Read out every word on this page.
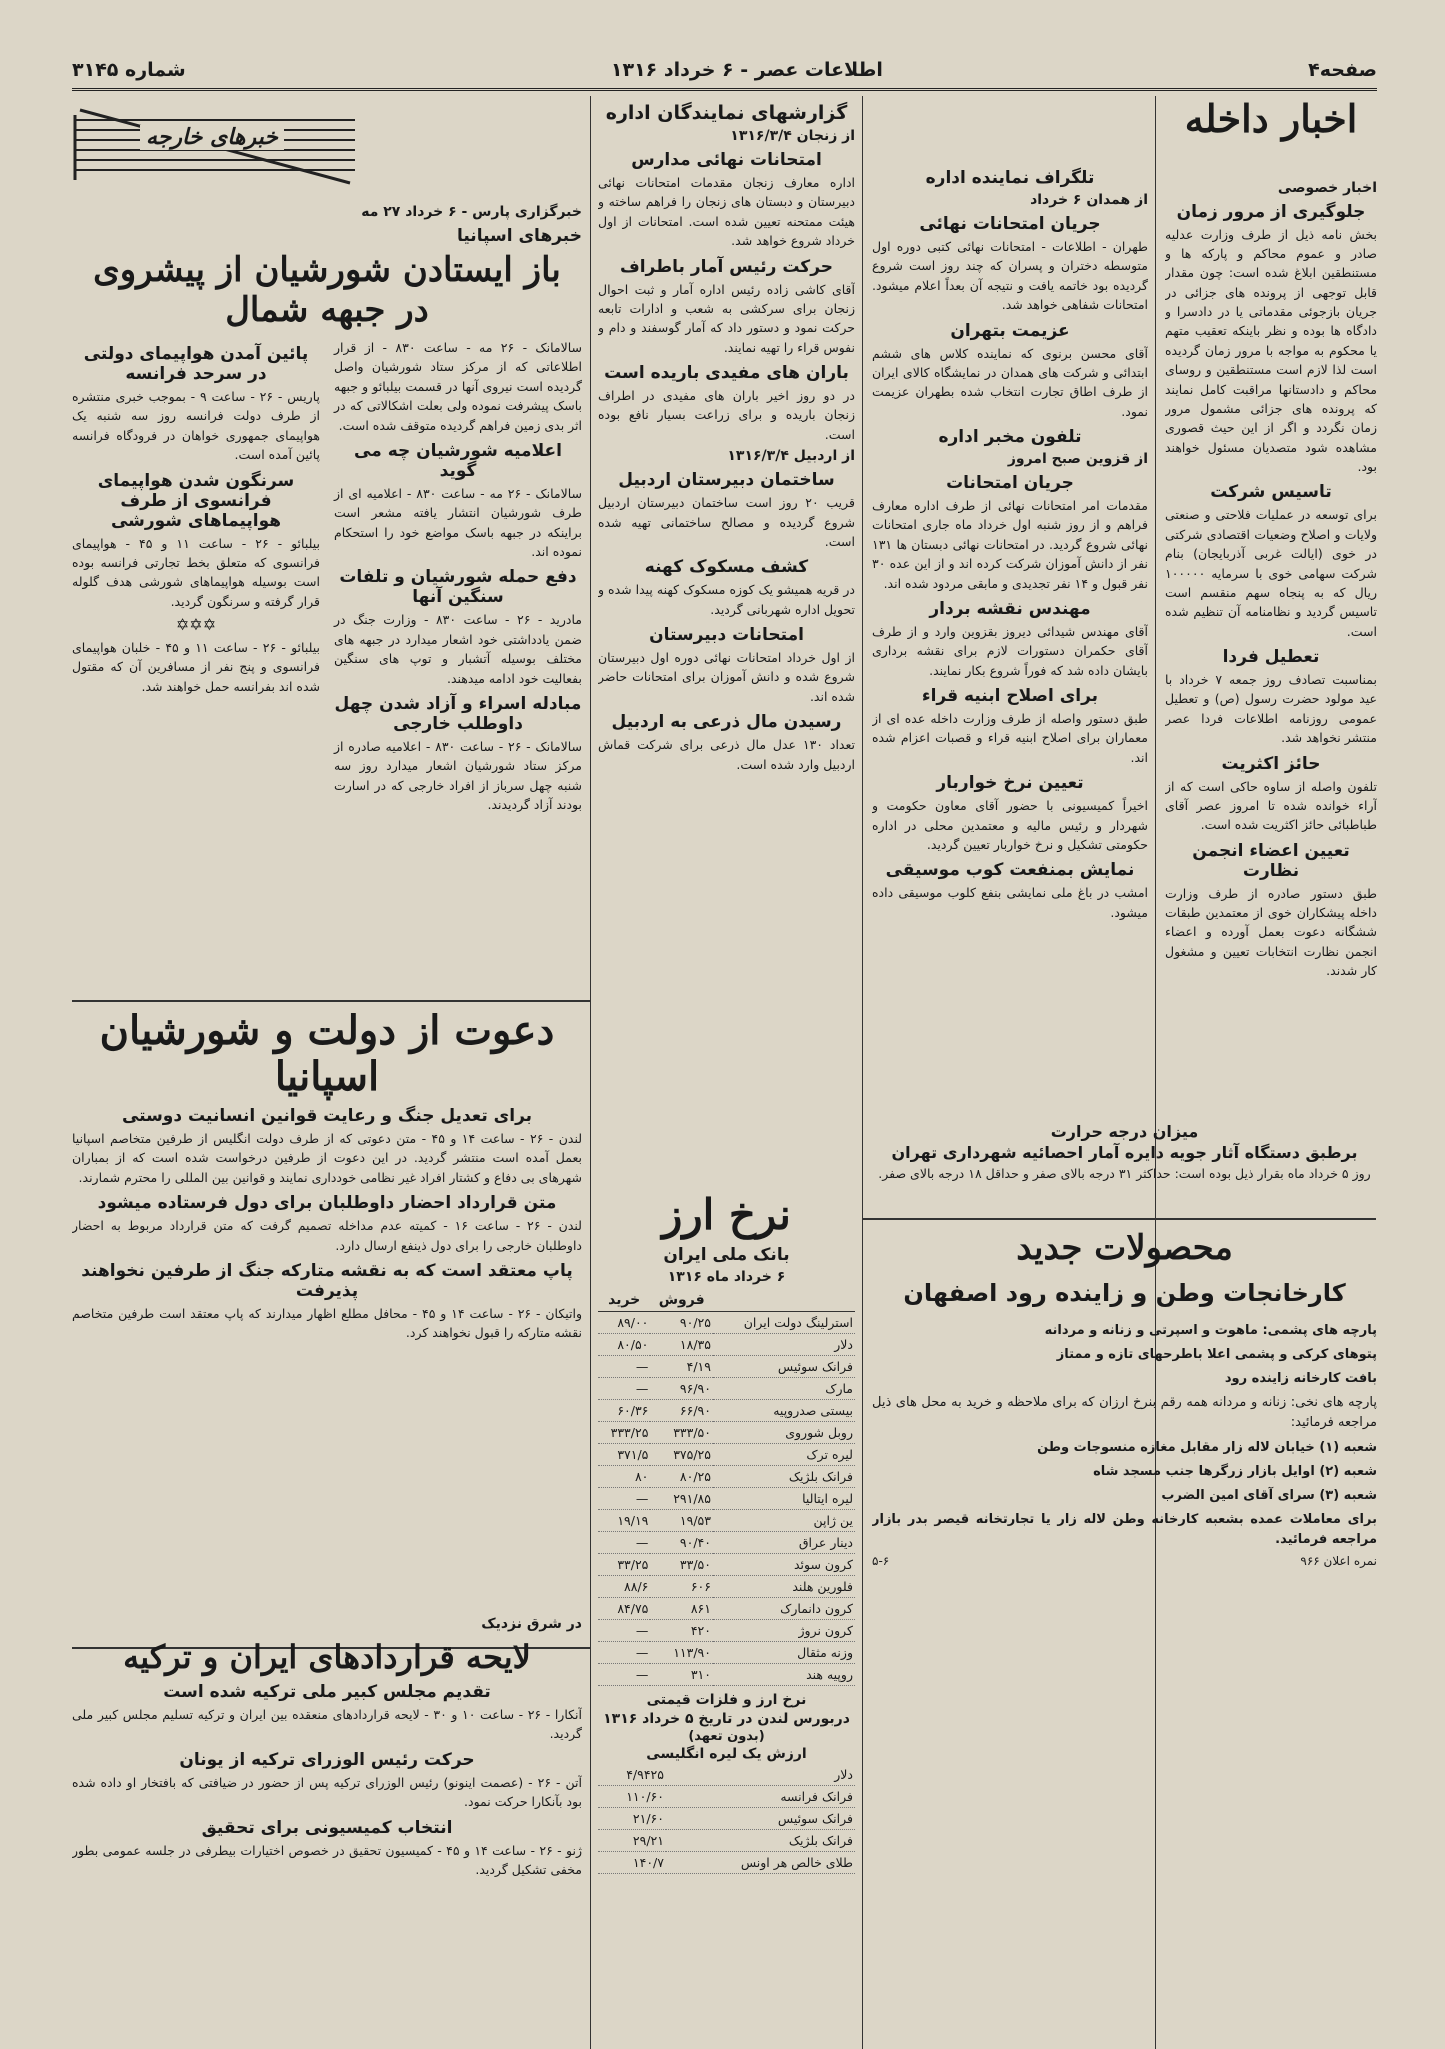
صفحه۴
اطلاعات عصر - ۶ خرداد ۱۳۱۶
شماره ۳۱۴۵
اخبار داخله
اخبار خصوصی
جلوگیری از مرور زمان

بخش نامه ذیل از طرف وزارت عدلیه صادر و عموم محاکم و پارکه ها و مستنطقین ابلاغ شده است: چون مقدار قابل توجهی از پرونده های جزائی در جریان بازجوئی مقدماتی یا در دادسرا و دادگاه ها بوده و نظر باینکه تعقیب متهم یا محکوم به مواجه با مرور زمان گردیده است لذا لازم است مستنطقین و روسای محاکم و دادستانها مراقبت کامل نمایند که پرونده های جزائی مشمول مرور زمان نگردد و اگر از این حیث قصوری مشاهده شود متصدیان مسئول خواهند بود.

تاسیس شرکت

برای توسعه در عملیات فلاحتی و صنعتی ولایات و اصلاح وضعیات اقتصادی شرکتی در خوی (ایالت غربی آذربایجان) بنام شرکت سهامی خوی با سرمایه ۱۰۰۰۰۰ ریال که به پنجاه سهم منقسم است تاسیس گردید و نظامنامه آن تنظیم شده است.

تعطیل فردا

بمناسبت تصادف روز جمعه ۷ خرداد با عید مولود حضرت رسول (ص) و تعطیل عمومی روزنامه اطلاعات فردا عصر منتشر نخواهد شد.

حائز اکثریت

تلفون واصله از ساوه حاکی است که از آراء خوانده شده تا امروز عصر آقای طباطبائی حائز اکثریت شده است.

تعیین اعضاء انجمن نظارت

طبق دستور صادره از طرف وزارت داخله پیشکاران خوی از معتمدین طبقات ششگانه دعوت بعمل آورده و اعضاء انجمن نظارت انتخابات تعیین و مشغول کار شدند.

تلگراف نماینده اداره
از همدان ۶ خرداد
جریان امتحانات نهائی

طهران - اطلاعات - امتحانات نهائی کتبی دوره اول متوسطه دختران و پسران که چند روز است شروع گردیده بود خاتمه یافت و نتیجه آن بعداً اعلام میشود. امتحانات شفاهی خواهد شد.

عزیمت بتهران

آقای محسن برنوی که نماینده کلاس های ششم ابتدائی و شرکت های همدان در نمایشگاه کالای ایران از طرف اطاق تجارت انتخاب شده بطهران عزیمت نمود.

تلفون مخبر اداره
از قزوین صبح امروز
جریان امتحانات

مقدمات امر امتحانات نهائی از طرف اداره معارف فراهم و از روز شنبه اول خرداد ماه جاری امتحانات نهائی شروع گردید. در امتحانات نهائی دبستان ها ۱۳۱ نفر از دانش آموزان شرکت کرده اند و از این عده ۳۰ نفر قبول و ۱۴ نفر تجدیدی و مابقی مردود شده اند.

مهندس نقشه بردار

آقای مهندس شیدائی دیروز بقزوین وارد و از طرف آقای حکمران دستورات لازم برای نقشه برداری بایشان داده شد که فوراً شروع بکار نمایند.

برای اصلاح ابنیه قراء

طبق دستور واصله از طرف وزارت داخله عده ای از معماران برای اصلاح ابنیه قراء و قصبات اعزام شده اند.

تعیین نرخ خواربار

اخیراً کمیسیونی با حضور آقای معاون حکومت و شهردار و رئیس مالیه و معتمدین محلی در اداره حکومتی تشکیل و نرخ خواربار تعیین گردید.

نمایش بمنفعت کوب موسیقی

امشب در باغ ملی نمایشی بنفع کلوب موسیقی داده میشود.

میزان درجه حرارت
برطبق دستگاه آثار جویه دایره آمار احصائیه شهرداری تهران

روز ۵ خرداد ماه بقرار ذیل بوده است: حداکثر ۳۱ درجه بالای صفر و حداقل ۱۸ درجه بالای صفر.

محصولات جدید
کارخانجات وطن و زاینده رود اصفهان

پارچه های پشمی: ماهوت و اسپرتی و زنانه و مردانه

پتوهای کرکی و پشمی اعلا باطرحهای تازه و ممتاز

بافت کارخانه زاینده رود

پارچه های نخی: زنانه و مردانه همه رقم بنرخ ارزان که برای ملاحظه و خرید به محل های ذیل مراجعه فرمائید:

شعبه (۱) خیابان لاله زار مقابل مغازه منسوجات وطن

شعبه (۲) اوایل بازار زرگرها جنب مسجد شاه

شعبه (۳) سرای آقای امین الضرب

برای معاملات عمده بشعبه کارخانه وطن لاله زار یا تجارتخانه قیصر بدر بازار مراجعه فرمائید.

نمره اعلان ۹۶۶
۵-۶
گزارشهای نمایندگان اداره
از زنجان ۱۳۱۶/۳/۴
امتحانات نهائی مدارس

اداره معارف زنجان مقدمات امتحانات نهائی دبیرستان و دبستان های زنجان را فراهم ساخته و هیئت ممتحنه تعیین شده است. امتحانات از اول خرداد شروع خواهد شد.

حرکت رئیس آمار باطراف

آقای کاشی زاده رئیس اداره آمار و ثبت احوال زنجان برای سرکشی به شعب و ادارات تابعه حرکت نمود و دستور داد که آمار گوسفند و دام و نفوس قراء را تهیه نمایند.

باران های مفیدی باریده است

در دو روز اخیر باران های مفیدی در اطراف زنجان باریده و برای زراعت بسیار نافع بوده است.

از اردبیل ۱۳۱۶/۳/۴
ساختمان دبیرستان اردبیل

قریب ۲۰ روز است ساختمان دبیرستان اردبیل شروع گردیده و مصالح ساختمانی تهیه شده است.

کشف مسکوک کهنه

در قریه همیشو یک کوزه مسکوک کهنه پیدا شده و تحویل اداره شهربانی گردید.

امتحانات دبیرستان

از اول خرداد امتحانات نهائی دوره اول دبیرستان شروع شده و دانش آموزان برای امتحانات حاضر شده اند.

رسیدن مال ذرعی به اردبیل

تعداد ۱۳۰ عدل مال ذرعی برای شرکت قماش اردبیل وارد شده است.

نرخ ارز
بانک ملی ایران
۶ خرداد ماه ۱۳۱۶
	فروش	خرید
استرلینگ دولت ایران	۹۰/۲۵	۸۹/۰۰
دلار	۱۸/۳۵	۸۰/۵۰
فرانک سوئیس	۴/۱۹	—
مارک	۹۶/۹۰	—
بیستی صدروپیه	۶۶/۹۰	۶۰/۳۶
روبل شوروی	۳۳۳/۵۰	۳۳۳/۲۵
لیره ترک	۳۷۵/۲۵	۳۷۱/۵
فرانک بلژیک	۸۰/۲۵	۸۰
لیره ایتالیا	۲۹۱/۸۵	—
ین ژاپن	۱۹/۵۳	۱۹/۱۹
دینار عراق	۹۰/۴۰	—
کرون سوئد	۳۳/۵۰	۳۳/۲۵
فلورین هلند	۶۰۶	۸۸/۶
کرون دانمارک	۸۶۱	۸۴/۷۵
کرون نروژ	۴۲۰	—
وزنه مثقال	۱۱۳/۹۰	—
روپیه هند	۳۱۰	—
نرخ ارز و فلزات قیمتی
دربورس لندن در تاریخ ۵ خرداد ۱۳۱۶
(بدون تعهد)
ارزش یک لیره انگلیسی
دلار	۴/۹۴۲۵
فرانک فرانسه	۱۱۰/۶۰
فرانک سوئیس	۲۱/۶۰
فرانک بلژیک	۲۹/۲۱
طلای خالص هر اونس	۱۴۰/۷
خبرهای خارجه
خبرگزاری پارس - ۶ خرداد ۲۷ مه
خبرهای اسپانیا
باز ایستادن شورشیان از پیشروی در جبهه شمال

سالامانک - ۲۶ مه - ساعت ۸۳۰ - از قرار اطلاعاتی که از مرکز ستاد شورشیان واصل گردیده است نیروی آنها در قسمت بیلبائو و جبهه باسک پیشرفت نموده ولی بعلت اشکالاتی که در اثر بدی زمین فراهم گردیده متوقف شده است.

اعلامیه شورشیان چه می گوید

سالامانک - ۲۶ مه - ساعت ۸۳۰ - اعلامیه ای از طرف شورشیان انتشار یافته مشعر است براینکه در جبهه باسک مواضع خود را استحکام نموده اند.

دفع حمله شورشیان و تلفات سنگین آنها

مادرید - ۲۶ - ساعت ۸۳۰ - وزارت جنگ در ضمن یادداشتی خود اشعار میدارد در جبهه های مختلف بوسیله آتشبار و توپ های سنگین بفعالیت خود ادامه میدهند.

مبادله اسراء و آزاد شدن چهل داوطلب خارجی

سالامانک - ۲۶ - ساعت ۸۳۰ - اعلامیه صادره از مرکز ستاد شورشیان اشعار میدارد روز سه شنبه چهل سرباز از افراد خارجی که در اسارت بودند آزاد گردیدند.

پائین آمدن هواپیمای دولتی در سرحد فرانسه

پاریس - ۲۶ - ساعت ۹ - بموجب خبری منتشره از طرف دولت فرانسه روز سه شنبه یک هواپیمای جمهوری خواهان در فرودگاه فرانسه پائین آمده است.

سرنگون شدن هواپیمای فرانسوی از طرف هواپیماهای شورشی

بیلبائو - ۲۶ - ساعت ۱۱ و ۴۵ - هواپیمای فرانسوی که متعلق بخط تجارتی فرانسه بوده است بوسیله هواپیماهای شورشی هدف گلوله قرار گرفته و سرنگون گردید.

✡✡✡

بیلبائو - ۲۶ - ساعت ۱۱ و ۴۵ - خلبان هواپیمای فرانسوی و پنج نفر از مسافرین آن که مقتول شده اند بفرانسه حمل خواهند شد.

دعوت از دولت و شورشیان اسپانیا
برای تعدیل جنگ و رعایت قوانین انسانیت دوستی

لندن - ۲۶ - ساعت ۱۴ و ۴۵ - متن دعوتی که از طرف دولت انگلیس از طرفین متخاصم اسپانیا بعمل آمده است منتشر گردید. در این دعوت از طرفین درخواست شده است که از بمباران شهرهای بی دفاع و کشتار افراد غیر نظامی خودداری نمایند و قوانین بین المللی را محترم شمارند.

متن قرارداد احضار داوطلبان برای دول فرستاده میشود

لندن - ۲۶ - ساعت ۱۶ - کمیته عدم مداخله تصمیم گرفت که متن قرارداد مربوط به احضار داوطلبان خارجی را برای دول ذینفع ارسال دارد.

پاپ معتقد است که به نقشه متارکه جنگ از طرفین نخواهند پذیرفت

واتیکان - ۲۶ - ساعت ۱۴ و ۴۵ - محافل مطلع اظهار میدارند که پاپ معتقد است طرفین متخاصم نقشه متارکه را قبول نخواهند کرد.

در شرق نزدیک
لایحه قراردادهای ایران و ترکیه
تقدیم مجلس کبیر ملی ترکیه شده است

آنکارا - ۲۶ - ساعت ۱۰ و ۳۰ - لایحه قراردادهای منعقده بین ایران و ترکیه تسلیم مجلس کبیر ملی گردید.

حرکت رئیس الوزرای ترکیه از یونان

آتن - ۲۶ - (عصمت اینونو) رئیس الوزرای ترکیه پس از حضور در ضیافتی که بافتخار او داده شده بود بآنکارا حرکت نمود.

انتخاب کمیسیونی برای تحقیق

ژنو - ۲۶ - ساعت ۱۴ و ۴۵ - کمیسیون تحقیق در خصوص اختیارات بیطرفی در جلسه عمومی بطور مخفی تشکیل گردید.
